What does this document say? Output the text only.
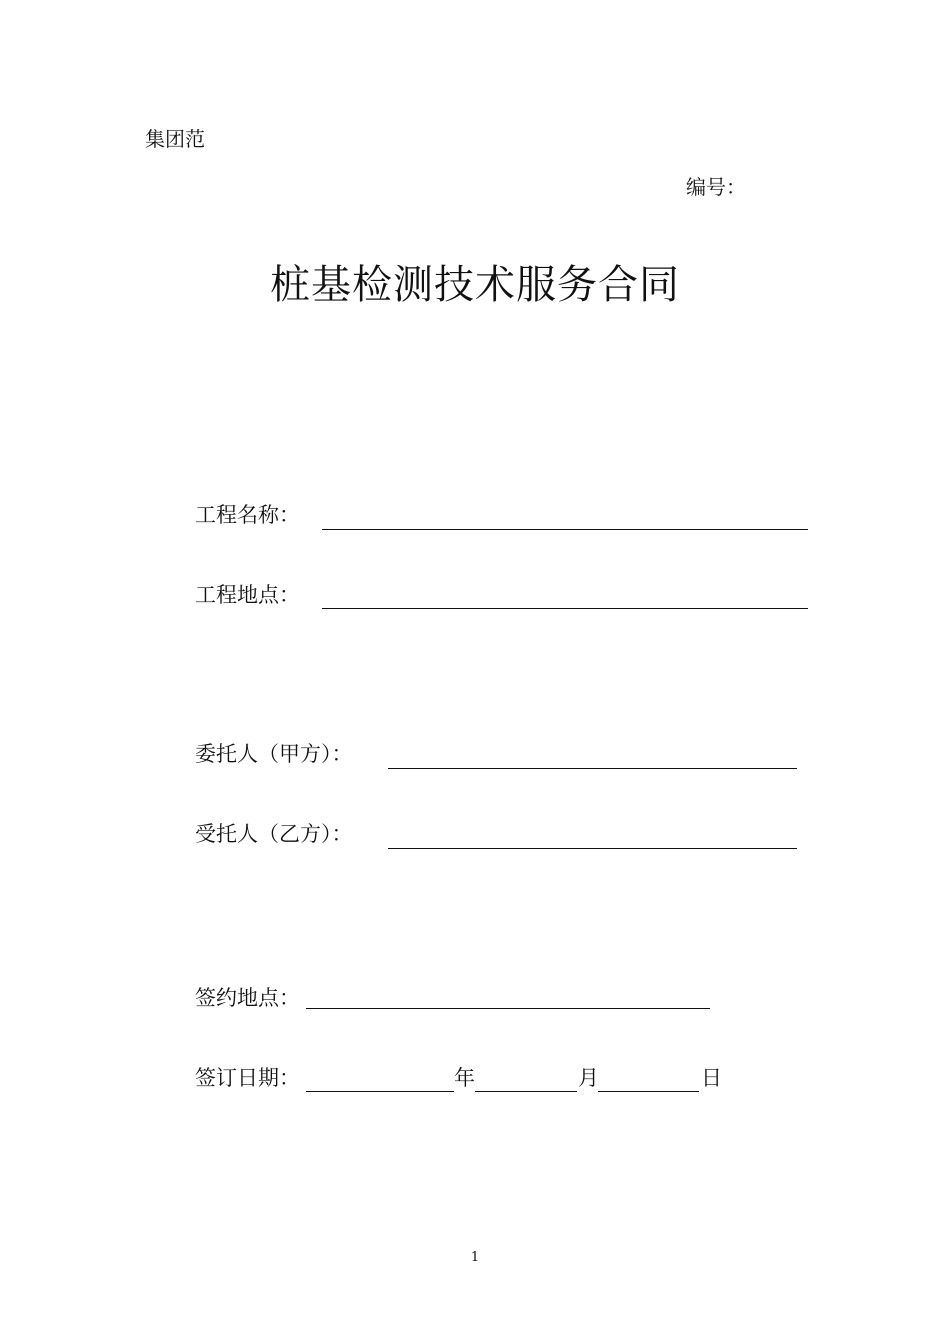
集团范
编号：
桩基检测技术服务合同
工程名称：
工程地点：
委托人（甲方）：
受托人（乙方）：
签约地点：
签订日期：	年	月	日
1
